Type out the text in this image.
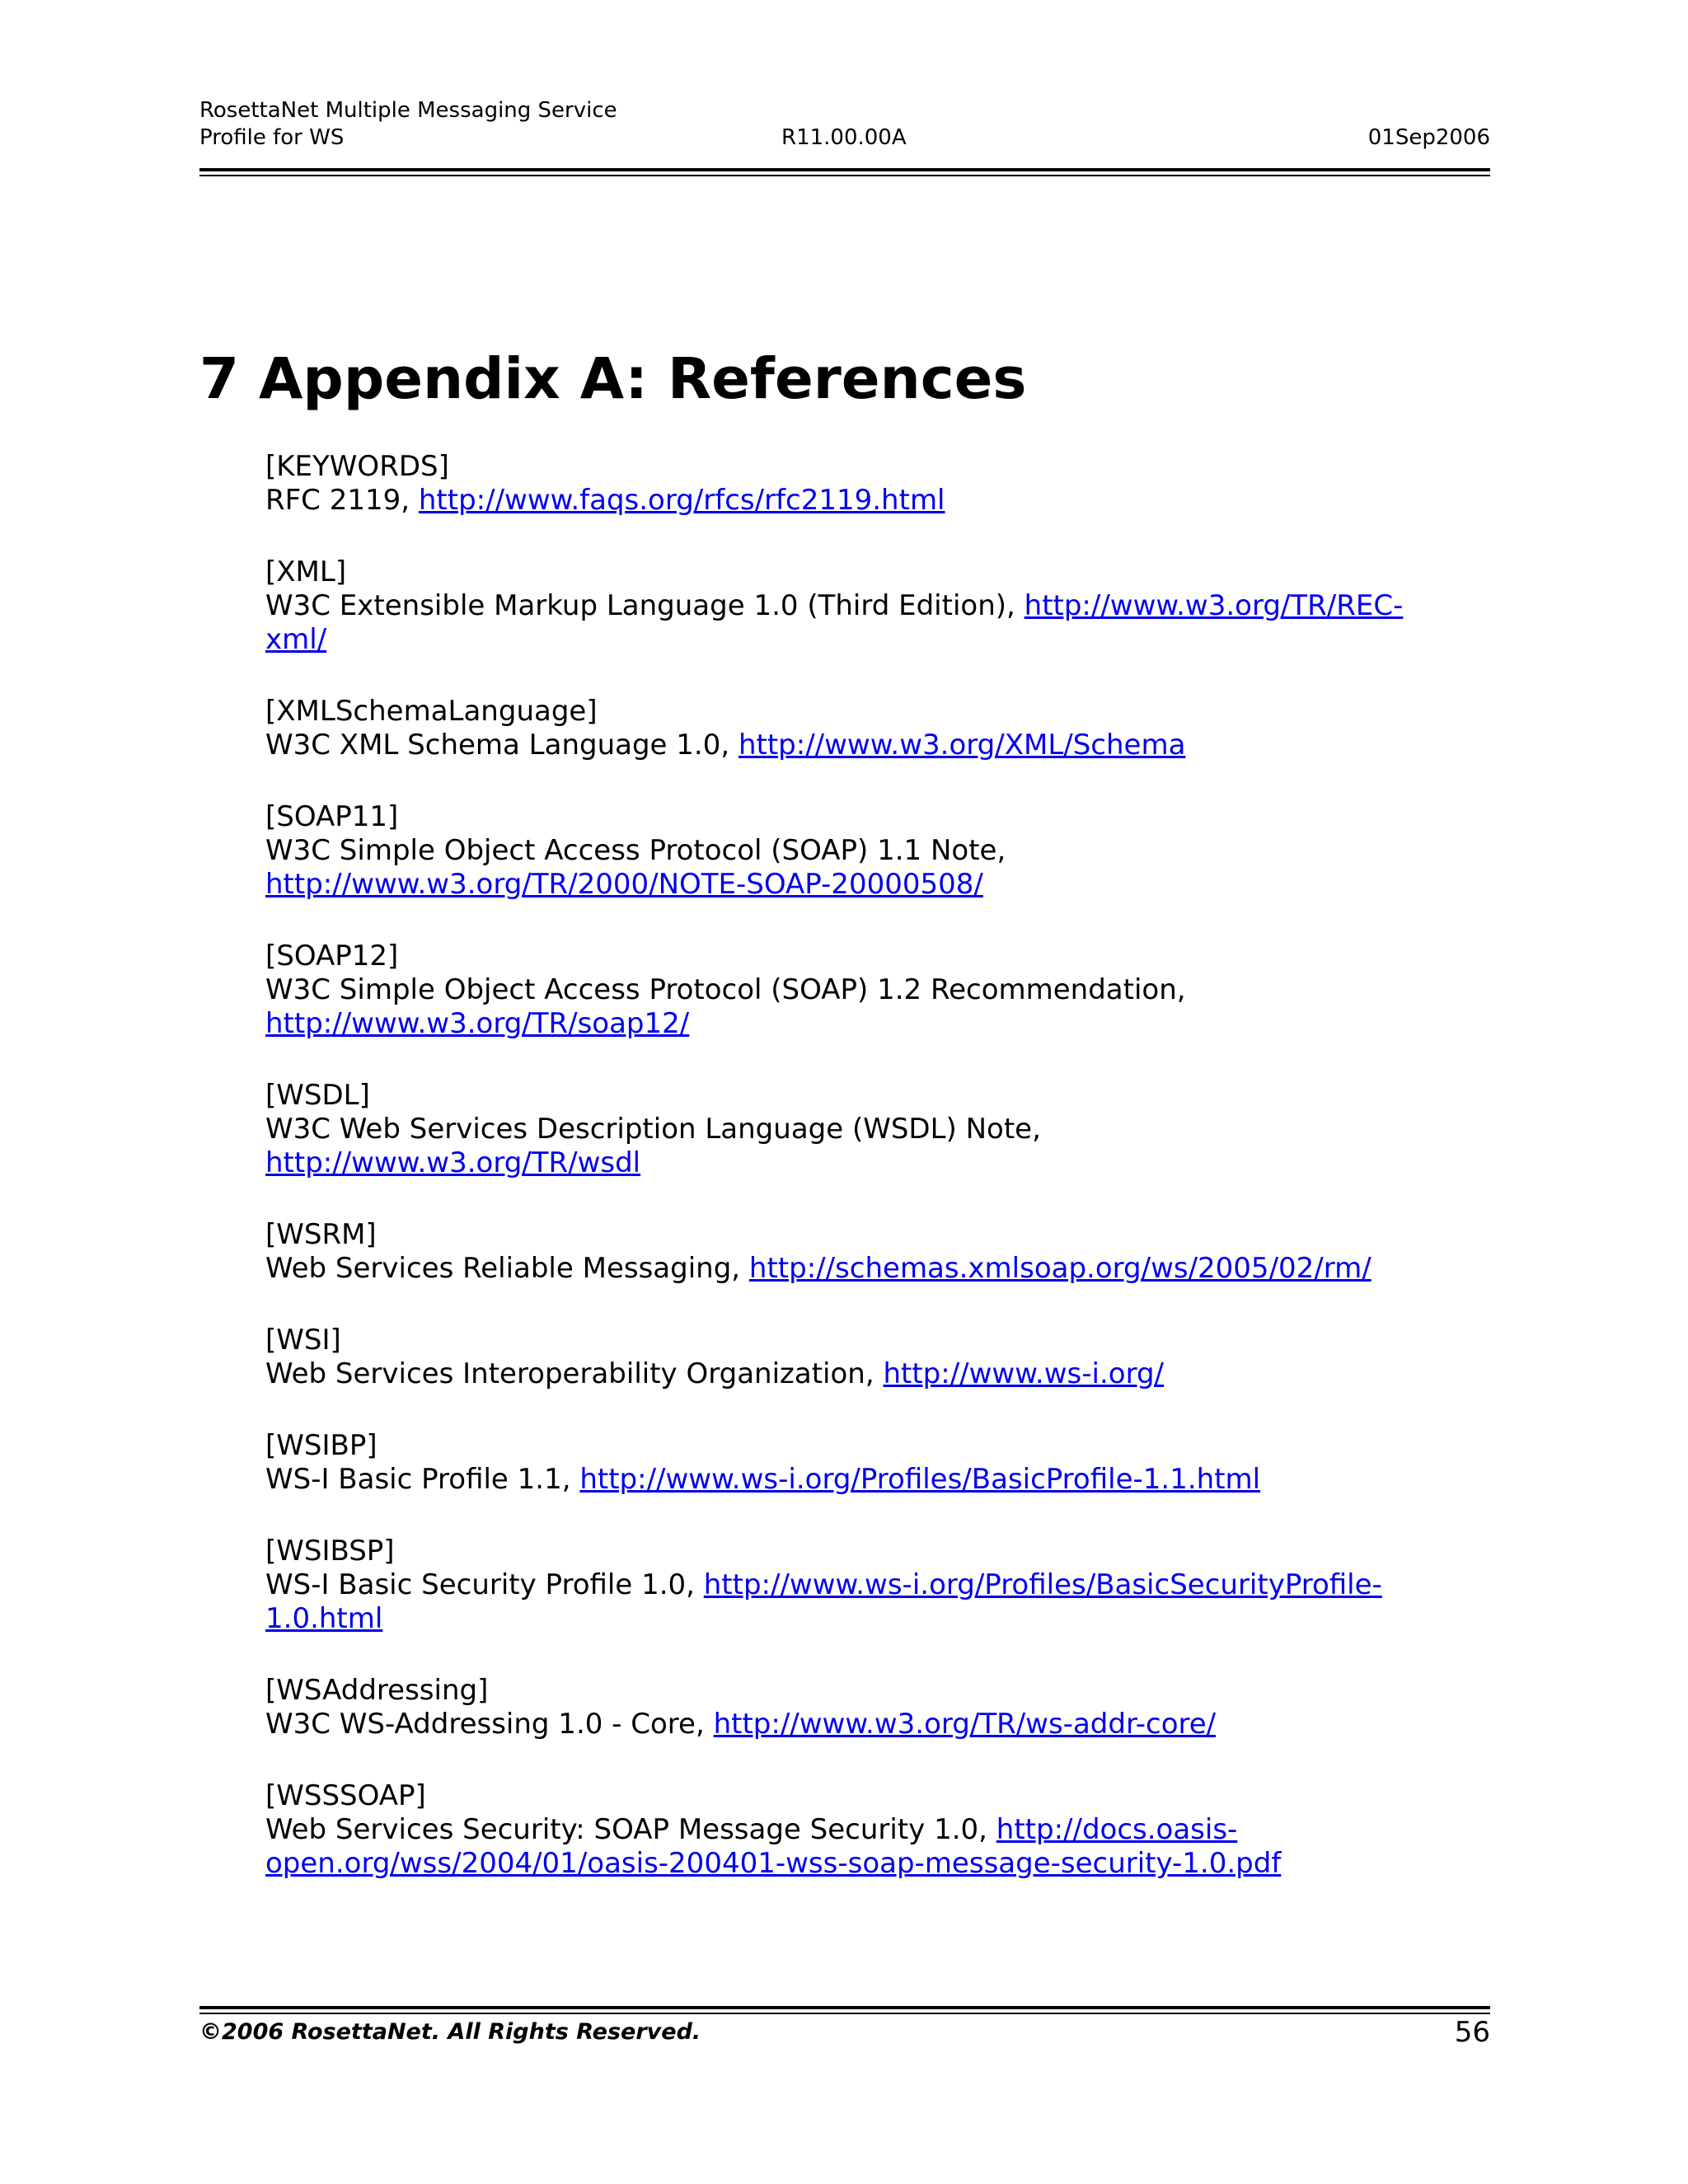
RosettaNet Multiple Messaging Service
Profile for WS	R11.00.00A	01Sep2006
7 Appendix A: References
[KEYWORDS]
RFC 2119, http://www.faqs.org/rfcs/rfc2119.html
[XML]
W3C Extensible Markup Language 1.0 (Third Edition), http://www.w3.org/TR/REC-xml/
[XMLSchemaLanguage]
W3C XML Schema Language 1.0, http://www.w3.org/XML/Schema
[SOAP11]
W3C Simple Object Access Protocol (SOAP) 1.1 Note,
http://www.w3.org/TR/2000/NOTE-SOAP-20000508/
[SOAP12]
W3C Simple Object Access Protocol (SOAP) 1.2 Recommendation,
http://www.w3.org/TR/soap12/
[WSDL]
W3C Web Services Description Language (WSDL) Note,
http://www.w3.org/TR/wsdl
[WSRM]
Web Services Reliable Messaging, http://schemas.xmlsoap.org/ws/2005/02/rm/
[WSI]
Web Services Interoperability Organization, http://www.ws-i.org/
[WSIBP]
WS-I Basic Profile 1.1, http://www.ws-i.org/Profiles/BasicProfile-1.1.html
[WSIBSP]
WS-I Basic Security Profile 1.0, http://www.ws-i.org/Profiles/BasicSecurityProfile-1.0.html
[WSAddressing]
W3C WS-Addressing 1.0 - Core, http://www.w3.org/TR/ws-addr-core/
[WSSSOAP]
Web Services Security: SOAP Message Security 1.0, http://docs.oasis-open.org/wss/2004/01/oasis-200401-wss-soap-message-security-1.0.pdf
©2006 RosettaNet. All Rights Reserved.	56
